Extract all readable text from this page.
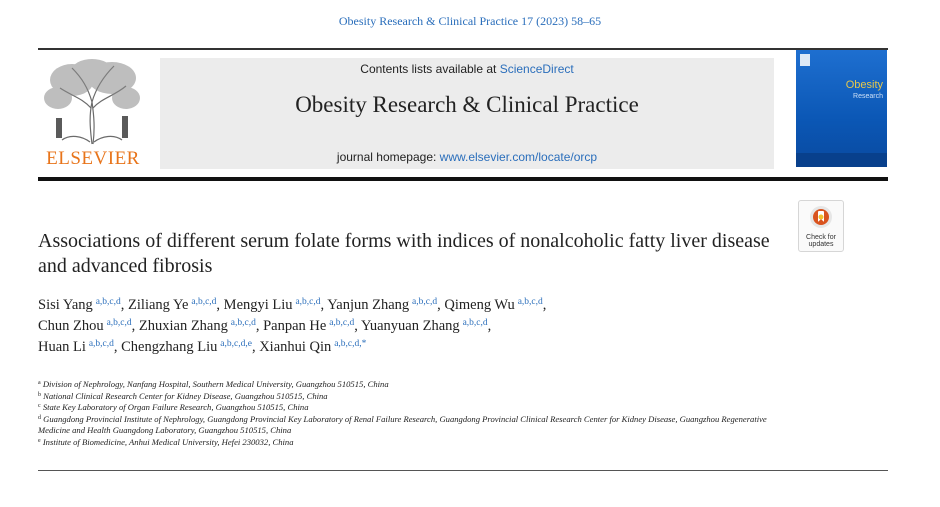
Obesity Research & Clinical Practice 17 (2023) 58–65
ELSEVIER
Contents lists available at ScienceDirect
Obesity Research & Clinical Practice
journal homepage: www.elsevier.com/locate/orcp
Obesity
Research
Check for
updates
Associations of different serum folate forms with indices of nonalcoholic fatty liver disease and advanced fibrosis
Sisi Yang  $^{a,b,c,d}$, Ziliang Ye  $^{a,b,c,d}$, Mengyi Liu  $^{a,b,c,d}$, Yanjun Zhang  $^{a,b,c,d}$, Qimeng Wu  $^{a,b,c,d}$,
Chun Zhou  $^{a,b,c,d}$, Zhuxian Zhang  $^{a,b,c,d}$, Panpan He  $^{a,b,c,d}$, Yuanyuan Zhang  $^{a,b,c,d}$,
Huan Li  $^{a,b,c,d}$, Chengzhang Liu  $^{a,b,c,d,e}$, Xianhui Qin  $^{a,b,c,d,*}$
$^a$ Division of Nephrology, Nanfang Hospital, Southern Medical University, Guangzhou 510515, China
$^b$ National Clinical Research Center for Kidney Disease, Guangzhou 510515, China
$^c$ State Key Laboratory of Organ Failure Research, Guangzhou 510515, China
$^d$ Guangdong Provincial Institute of Nephrology, Guangdong Provincial Key Laboratory of Renal Failure Research, Guangdong Provincial Clinical Research Center for Kidney Disease, Guangzhou Regenerative Medicine and Health Guangdong Laboratory, Guangzhou 510515, China
$^e$ Institute of Biomedicine, Anhui Medical University, Hefei 230032, China
